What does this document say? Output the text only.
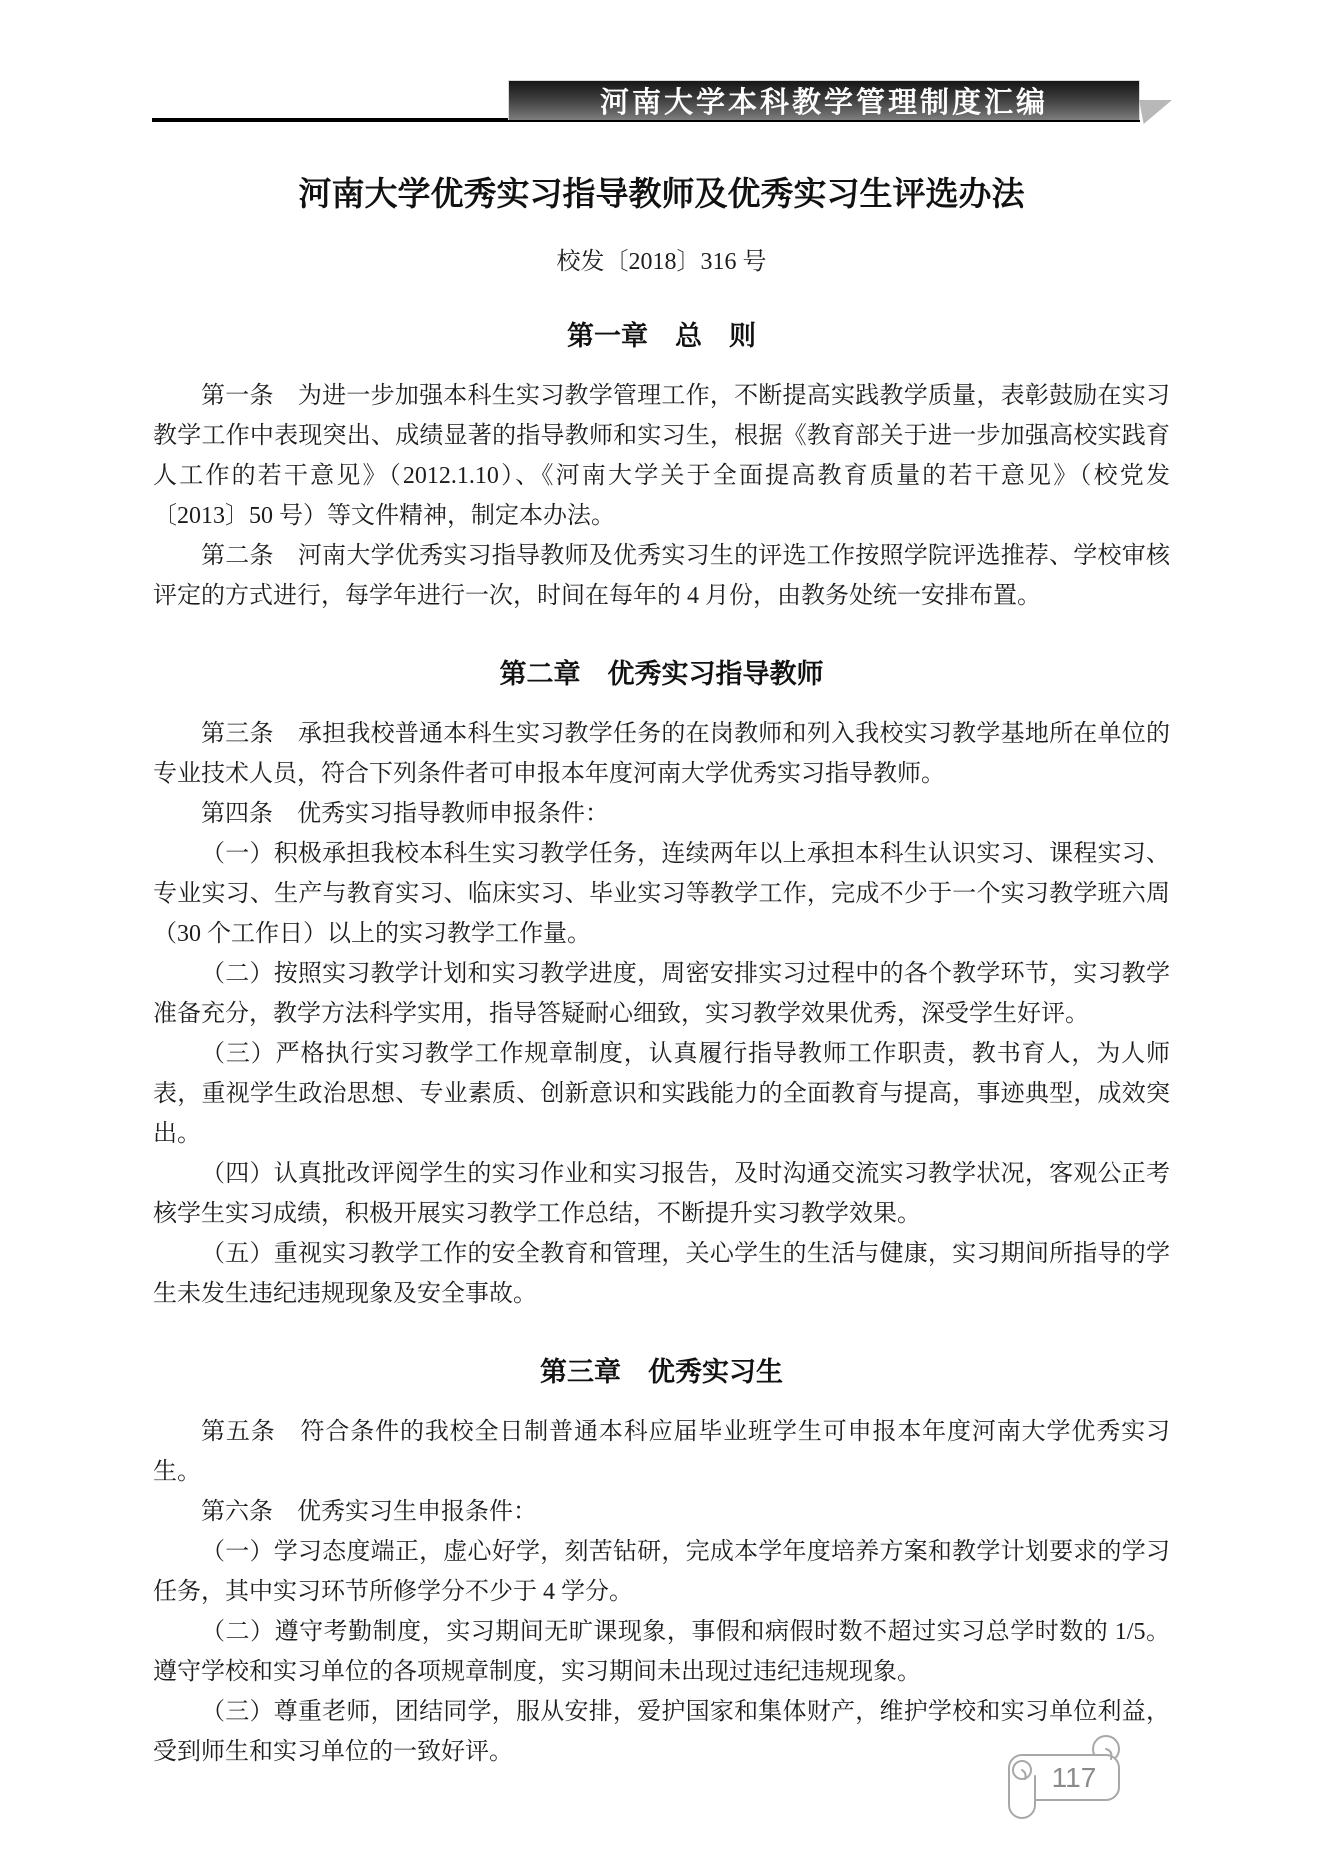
河南大学本科教学管理制度汇编
河南大学优秀实习指导教师及优秀实习生评选办法
校发〔2018〕316 号
第一章　总　则

第一条　为进一步加强本科生实习教学管理工作，不断提高实践教学质量，表彰鼓励在实习教学工作中表现突出、成绩显著的指导教师和实习生，根据《教育部关于进一步加强高校实践育人工作的若干意见》（2012.1.10）、《河南大学关于全面提高教育质量的若干意见》（校党发〔2013〕50 号）等文件精神，制定本办法。

第二条　河南大学优秀实习指导教师及优秀实习生的评选工作按照学院评选推荐、学校审核评定的方式进行，每学年进行一次，时间在每年的 4 月份，由教务处统一安排布置。

第二章　优秀实习指导教师

第三条　承担我校普通本科生实习教学任务的在岗教师和列入我校实习教学基地所在单位的专业技术人员，符合下列条件者可申报本年度河南大学优秀实习指导教师。

第四条　优秀实习指导教师申报条件：

（一）积极承担我校本科生实习教学任务，连续两年以上承担本科生认识实习、课程实习、专业实习、生产与教育实习、临床实习、毕业实习等教学工作，完成不少于一个实习教学班六周（30 个工作日）以上的实习教学工作量。

（二）按照实习教学计划和实习教学进度，周密安排实习过程中的各个教学环节，实习教学准备充分，教学方法科学实用，指导答疑耐心细致，实习教学效果优秀，深受学生好评。

（三）严格执行实习教学工作规章制度，认真履行指导教师工作职责，教书育人，为人师表，重视学生政治思想、专业素质、创新意识和实践能力的全面教育与提高，事迹典型，成效突出。

（四）认真批改评阅学生的实习作业和实习报告，及时沟通交流实习教学状况，客观公正考核学生实习成绩，积极开展实习教学工作总结，不断提升实习教学效果。

（五）重视实习教学工作的安全教育和管理，关心学生的生活与健康，实习期间所指导的学生未发生违纪违规现象及安全事故。

第三章　优秀实习生

第五条　符合条件的我校全日制普通本科应届毕业班学生可申报本年度河南大学优秀实习生。

第六条　优秀实习生申报条件：

（一）学习态度端正，虚心好学，刻苦钻研，完成本学年度培养方案和教学计划要求的学习任务，其中实习环节所修学分不少于 4 学分。

（二）遵守考勤制度，实习期间无旷课现象，事假和病假时数不超过实习总学时数的 1/5。遵守学校和实习单位的各项规章制度，实习期间未出现过违纪违规现象。

（三）尊重老师，团结同学，服从安排，爱护国家和集体财产，维护学校和实习单位利益，受到师生和实习单位的一致好评。

117
